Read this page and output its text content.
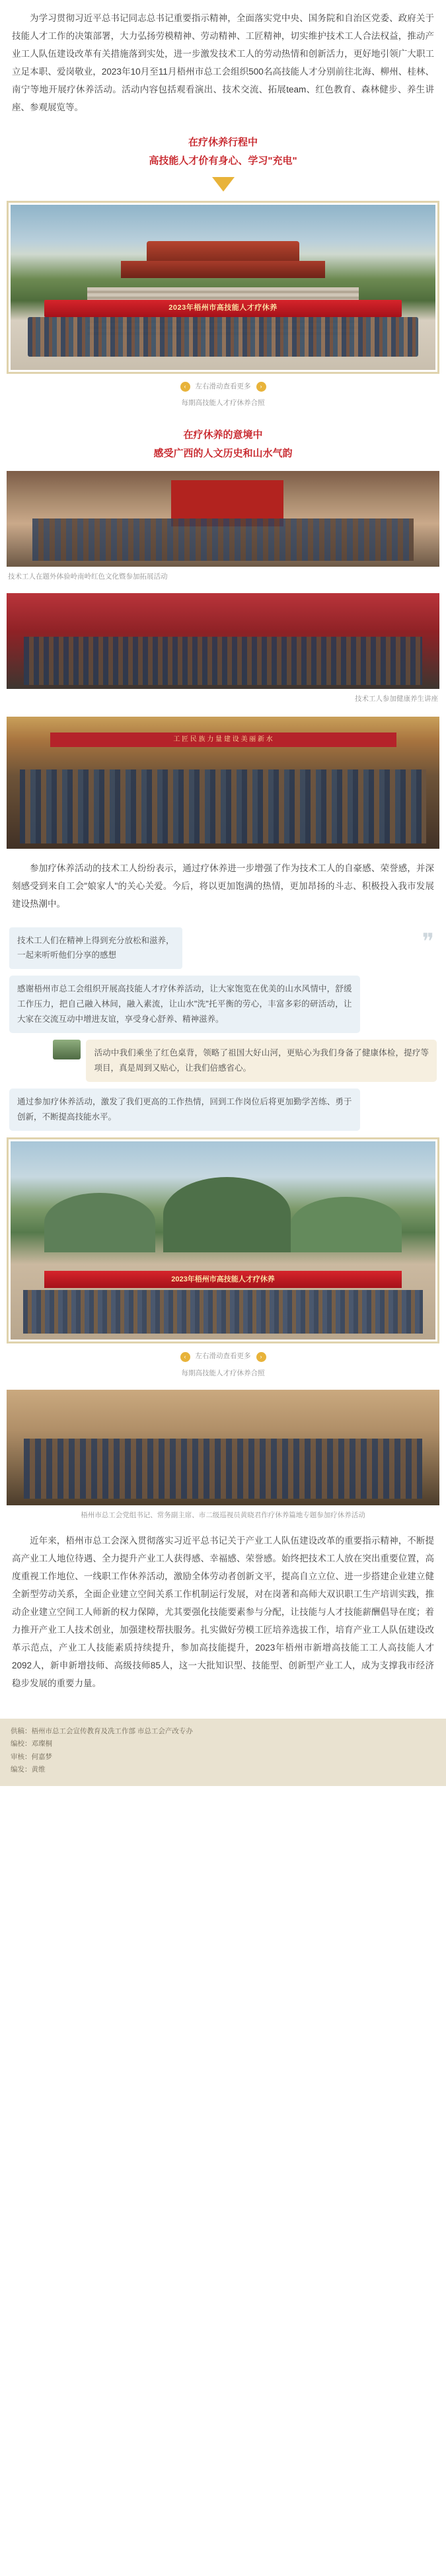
为学习贯彻习近平总书记同志总书记重要指示精神，全面落实党中央、国务院和自治区党委、政府关于技能人才工作的决策部署，大力弘扬劳模精神、劳动精神、工匠精神，切实维护技术工人合法权益，推动产业工人队伍建设改革有关措施落到实处，进一步激发技术工人的劳动热情和创新活力，更好地引领广大职工立足本职、爱岗敬业，2023年10月至11月梧州市总工会组织500名高技能人才分别前往北海、柳州、桂林、南宁等地开展疗休养活动。活动内容包括观看演出、技术交流、拓展team、红色教育、森林健步、养生讲座、参观展览等。

在疗休养行程中
高技能人才价有身心、学习"充电"
2023年梧州市高技能人才疗休养
‹	左右滑动查看更多	›
每期高技能人才疗休养合照
在疗休养的意境中
感受广西的人文历史和山水气韵
技术工人在题外体验岭南岭红色文化暨参加拓展活动
技术工人参加健康养生讲座
工 匠 民 族 力 量 建 设 美 丽 新 水

参加疗休养活动的技术工人纷纷表示，通过疗休养进一步增强了作为技术工人的自豪感、荣誉感，并深刻感受到来自工会"娘家人"的关心关爱。今后，将以更加饱满的热情，更加昂扬的斗志、积极投入我市发展建设热潮中。

技术工人们在精神上得到充分放松和滋养，
一起来听听他们分享的感想
❞
感谢梧州市总工会组织开展高技能人才疗休养活动，让大家饱览在优美的山水风情中，舒缓工作压力，把自己融入林间，融入素流，让山水"洗"托平衡的劳心，丰富多彩的研活动，让大家在交流互动中增进友谊，享受身心舒养、精神滋养。
活动中我们乘坐了红色桌背，领略了祖国大好山河，更贴心为我们身备了健康体检，提疗等项目，真是周到又贴心，让我们倍感省心。
通过参加疗休养活动，激发了我们更高的工作热情，回到工作岗位后将更加勤学苦练、勇于创新，不断提高技能水平。
2023年梧州市高技能人才疗休养
‹	左右滑动查看更多	›
每期高技能人才疗休养合照
梧州市总工会党组书记、常务副主席、市二级巡视员黄晓君作疗休养篇地专题参加疗休养活动

近年来，梧州市总工会深入贯彻落实习近平总书记关于产业工人队伍建设改革的重要指示精神，不断提高产业工人地位待遇、全力提升产业工人获得感、幸福感、荣誉感。始终把技术工人放在突出重要位置，高度重视工作地位、一线职工作休养活动，激励全体劳动者创新文平，提高自立立位、进一步搭建企业建立健全新型劳动关系，全面企业建立空间关系工作机制运行发展，对在岗著和高师大双识职工生产培训实践，推动企业建立空间工人师新的权力保障，尤其要强化技能要素参与分配，让技能与人才技能薪酬倡导在度；着力推开产业工人技术创业，加强建校帮扶服务。扎实做好劳模工匠培养选拔工作，培育产业工人队伍建设改革示范点，产业工人技能素质持续提升，参加高技能提升，2023年梧州市新增高技能工工人高技能人才2092人，新申新增技师、高级技师85人，这一大批知识型、技能型、创新型产业工人，成为支撑我市经济稳步发展的重要力量。

供稿：梧州市总工会宣传教育及冼工作部 市总工会产改专办
编校：邓璨桐
审核：何嘉梦
编发：黄维
